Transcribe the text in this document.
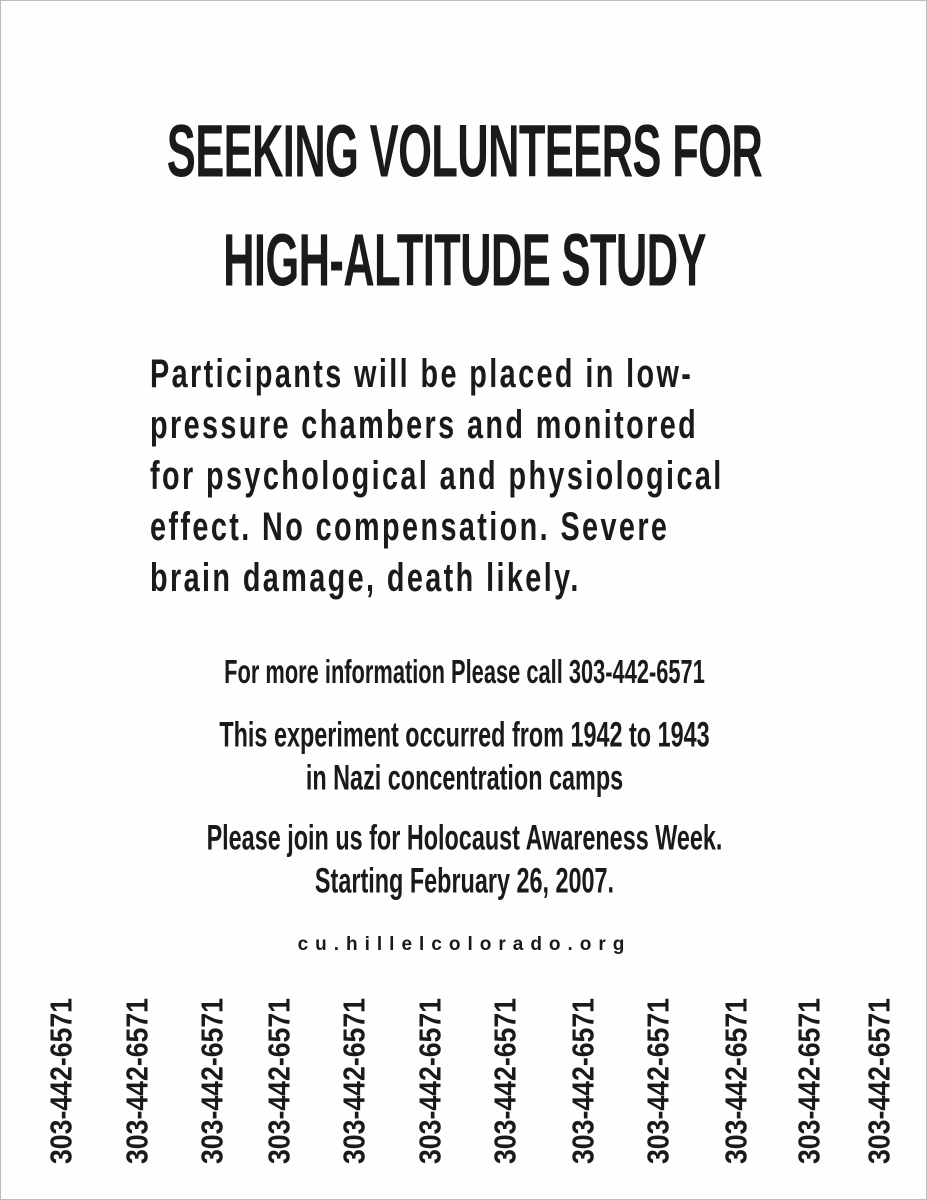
SEEKING VOLUNTEERS FOR
HIGH-ALTITUDE STUDY
Participants will be placed in low-
pressure chambers and monitored
for psychological and physiological
effect. No compensation. Severe
brain damage, death likely.
For more information Please call 303-442-6571
This experiment occurred from 1942 to 1943
in Nazi concentration camps
Please join us for Holocaust Awareness Week.
Starting February 26, 2007.
cu.hillelcolorado.org
303-442-6571 303-442-6571 303-442-6571 303-442-6571 303-442-6571 303-442-6571 303-442-6571 303-442-6571 303-442-6571 303-442-6571 303-442-6571 303-442-6571
